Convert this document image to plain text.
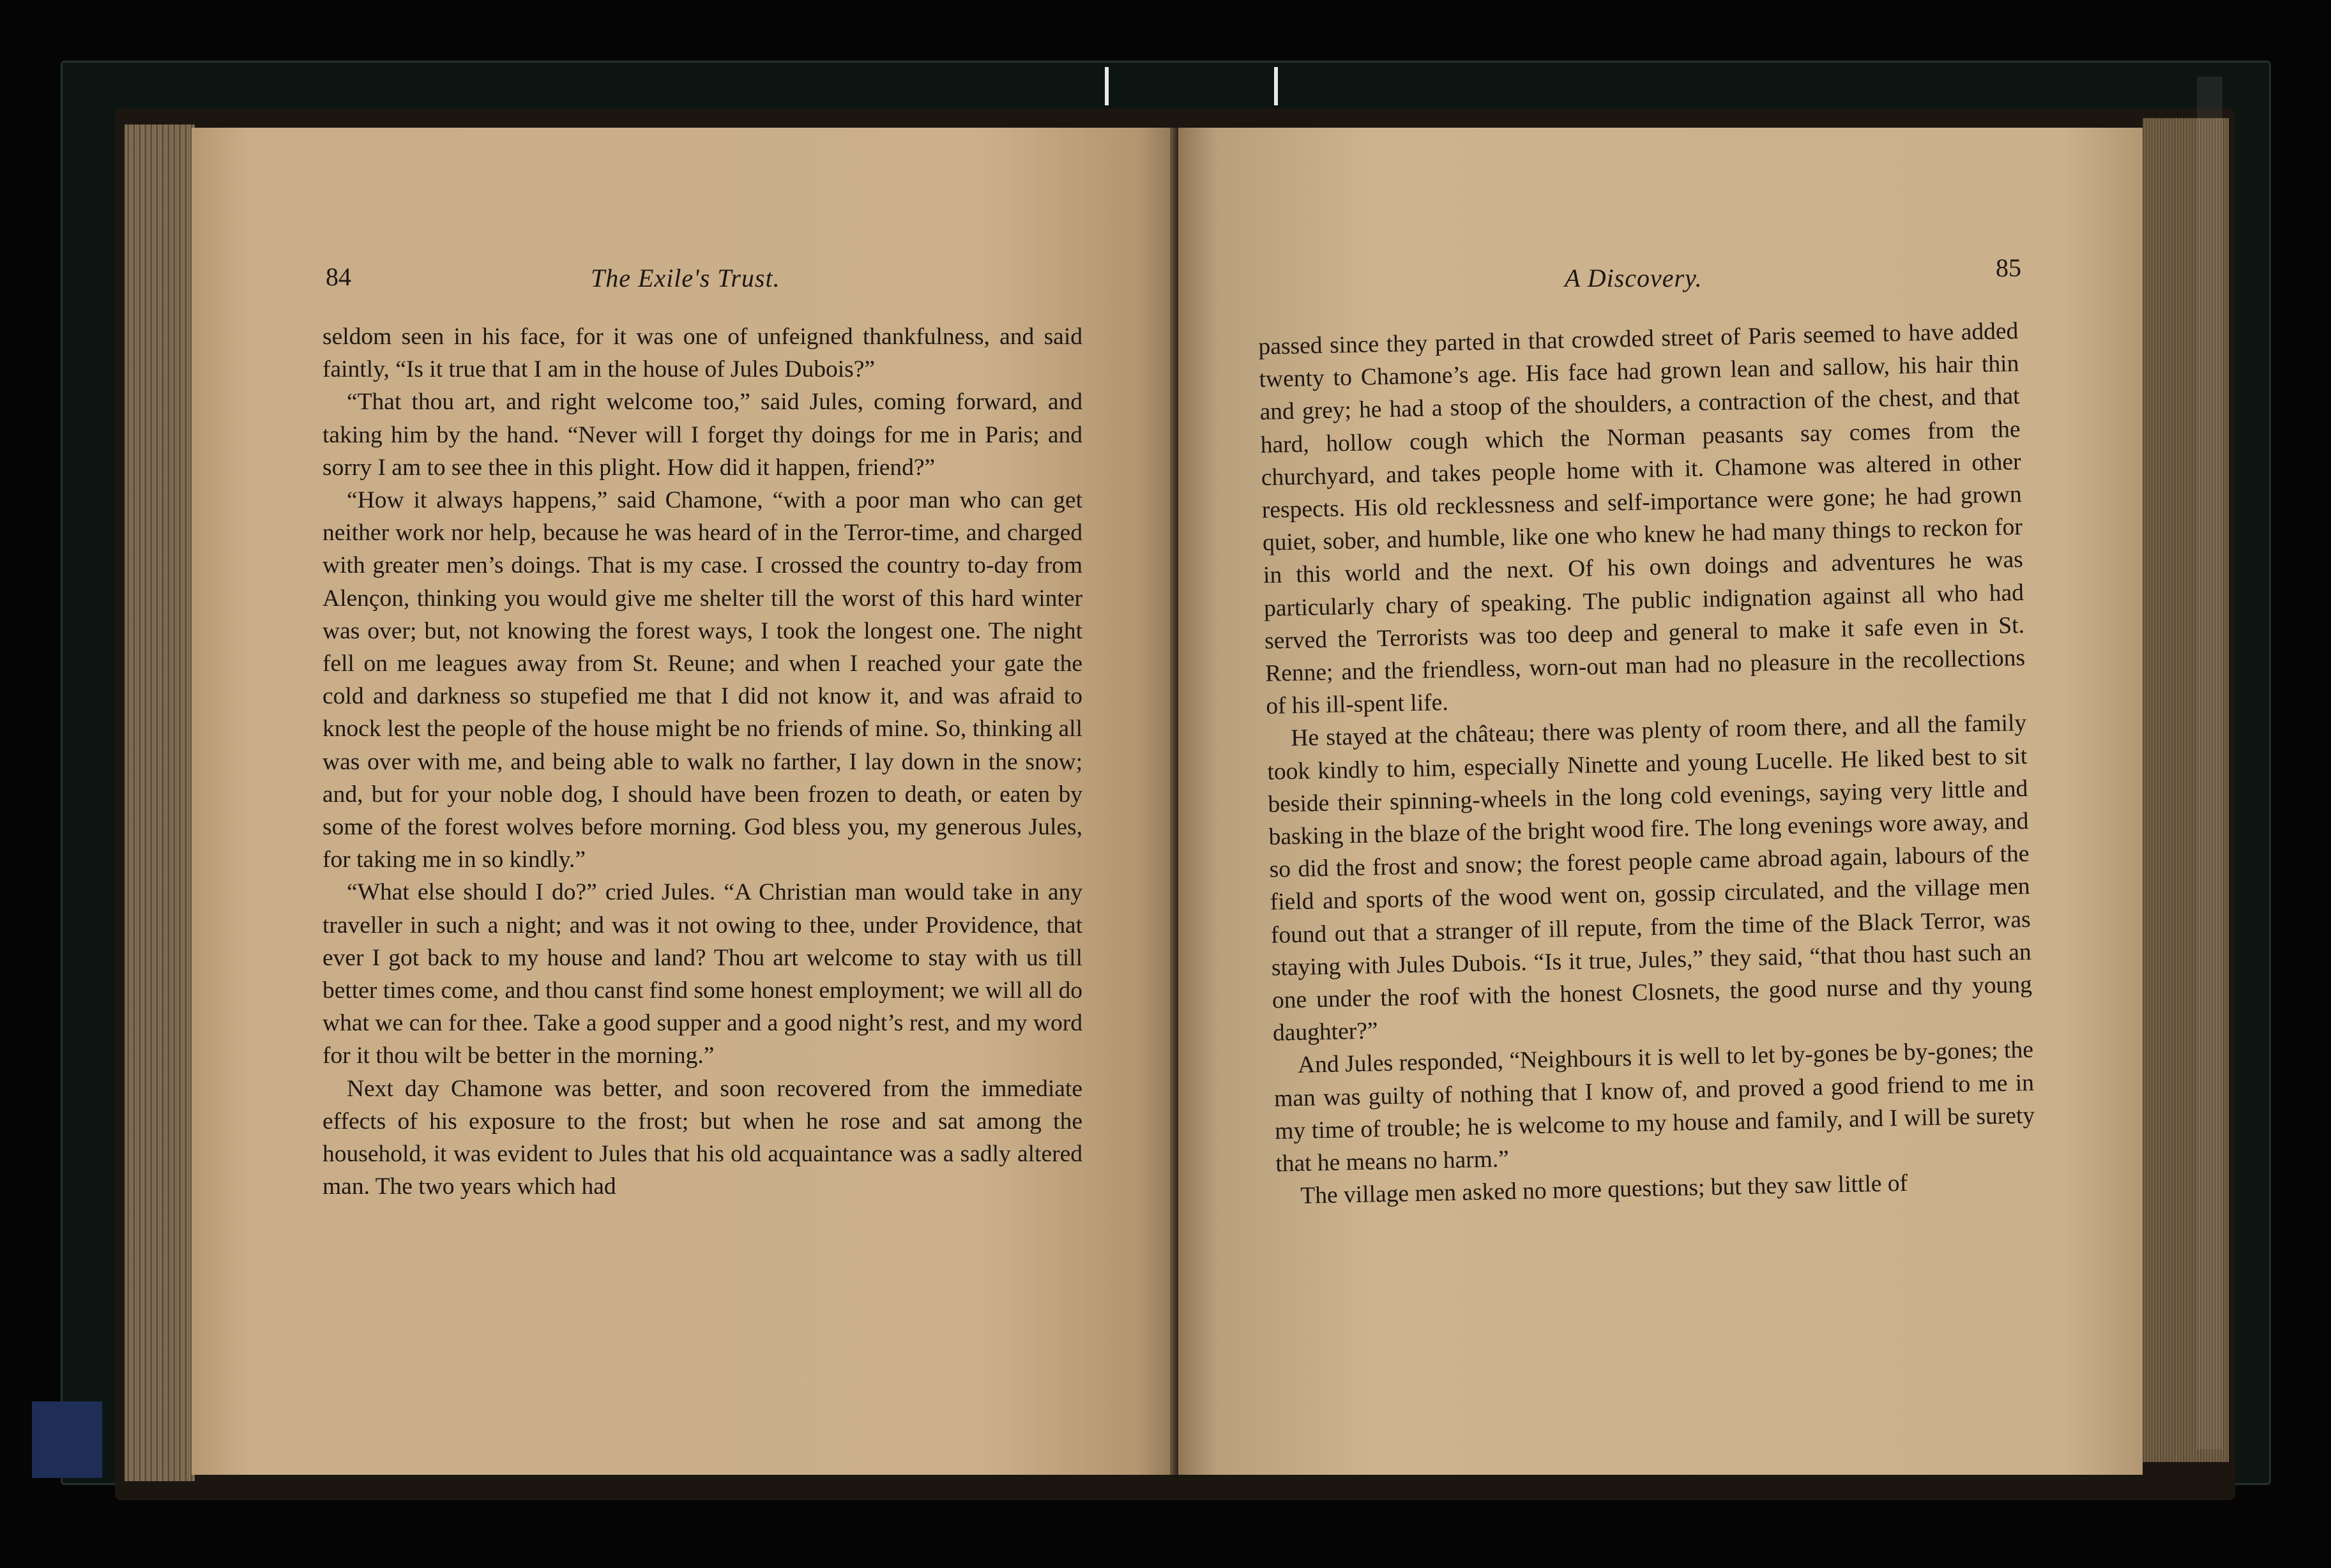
84	The Exile's Trust.

seldom seen in his face, for it was one of unfeigned thankfulness, and said faintly, “Is it true that I am in the house of Jules Dubois?”

“That thou art, and right welcome too,” said Jules, coming forward, and taking him by the hand. “Never will I forget thy doings for me in Paris; and sorry I am to see thee in this plight. How did it happen, friend?”

“How it always happens,” said Chamone, “with a poor man who can get neither work nor help, because he was heard of in the Terror-time, and charged with greater men’s doings. That is my case. I crossed the country to-day from Alençon, thinking you would give me shelter till the worst of this hard winter was over; but, not knowing the forest ways, I took the longest one. The night fell on me leagues away from St. Reune; and when I reached your gate the cold and darkness so stupefied me that I did not know it, and was afraid to knock lest the people of the house might be no friends of mine. So, thinking all was over with me, and being able to walk no farther, I lay down in the snow; and, but for your noble dog, I should have been frozen to death, or eaten by some of the forest wolves before morning. God bless you, my generous Jules, for taking me in so kindly.”

“What else should I do?” cried Jules. “A Christian man would take in any traveller in such a night; and was it not owing to thee, under Providence, that ever I got back to my house and land? Thou art welcome to stay with us till better times come, and thou canst find some honest employment; we will all do what we can for thee. Take a good supper and a good night’s rest, and my word for it thou wilt be better in the morning.”

Next day Chamone was better, and soon recovered from the immediate effects of his exposure to the frost; but when he rose and sat among the household, it was evident to Jules that his old acquaintance was a sadly altered man. The two years which had

A Discovery.	85

passed since they parted in that crowded street of Paris seemed to have added twenty to Chamone’s age. His face had grown lean and sallow, his hair thin and grey; he had a stoop of the shoulders, a contraction of the chest, and that hard, hollow cough which the Norman peasants say comes from the churchyard, and takes people home with it. Chamone was altered in other respects. His old recklessness and self-importance were gone; he had grown quiet, sober, and humble, like one who knew he had many things to reckon for in this world and the next. Of his own doings and adventures he was particularly chary of speaking. The public indignation against all who had served the Terrorists was too deep and general to make it safe even in St. Renne; and the friendless, worn-out man had no pleasure in the recollections of his ill-spent life.

He stayed at the château; there was plenty of room there, and all the family took kindly to him, especially Ninette and young Lucelle. He liked best to sit beside their spinning-wheels in the long cold evenings, saying very little and basking in the blaze of the bright wood fire. The long evenings wore away, and so did the frost and snow; the forest people came abroad again, labours of the field and sports of the wood went on, gossip circulated, and the village men found out that a stranger of ill repute, from the time of the Black Terror, was staying with Jules Dubois. “Is it true, Jules,” they said, “that thou hast such an one under the roof with the honest Closnets, the good nurse and thy young daughter?”

And Jules responded, “Neighbours it is well to let by-gones be by-gones; the man was guilty of nothing that I know of, and proved a good friend to me in my time of trouble; he is welcome to my house and family, and I will be surety that he means no harm.”

The village men asked no more questions; but they saw little of
